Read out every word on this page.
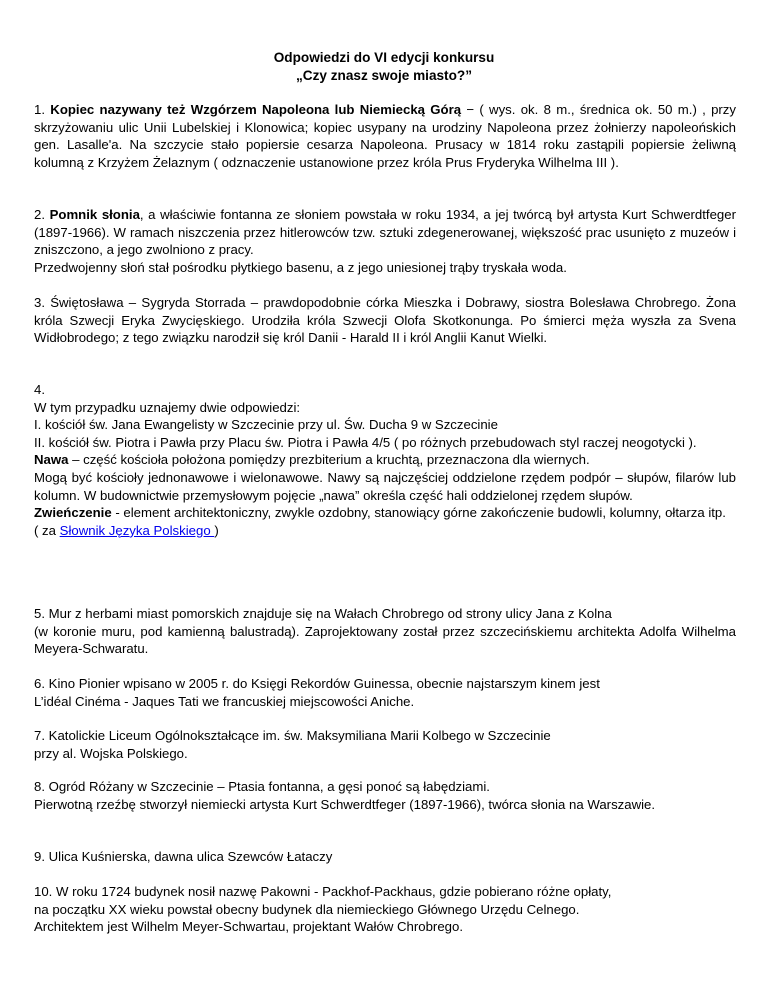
Odpowiedzi do VI edycji konkursu
„Czy znasz swoje miasto?”

1. Kopiec nazywany też Wzgórzem Napoleona lub Niemiecką Górą − ( wys. ok. 8 m., średnica ok. 50 m.) , przy skrzyżowaniu ulic Unii Lubelskiej i Klonowica; kopiec usypany na urodziny Napoleona przez żołnierzy napoleońskich gen. Lasalle'a. Na szczycie stało popiersie cesarza Napoleona. Prusacy w 1814 roku zastąpili popiersie żeliwną kolumną z Krzyżem Żelaznym ( odznaczenie ustanowione przez króla Prus Fryderyka Wilhelma III ).

2. Pomnik słonia, a właściwie fontanna ze słoniem powstała w roku 1934, a jej twórcą był artysta Kurt Schwerdtfeger (1897-1966). W ramach niszczenia przez hitlerowców tzw. sztuki zdegenerowanej, większość prac usunięto z muzeów i zniszczono, a jego zwolniono z pracy.

Przedwojenny słoń stał pośrodku płytkiego basenu, a z jego uniesionej trąby tryskała woda.

3. Świętosława – Sygryda Storrada – prawdopodobnie córka Mieszka i Dobrawy, siostra Bolesława Chrobrego. Żona króla Szwecji Eryka Zwycięskiego. Urodziła króla Szwecji Olofa Skotkonunga. Po śmierci męża wyszła za Svena Widłobrodego; z tego związku narodził się król Danii - Harald II i król Anglii Kanut Wielki.

4.
W tym przypadku uznajemy dwie odpowiedzi:
I. kościół św. Jana Ewangelisty w Szczecinie przy ul. Św. Ducha 9 w Szczecinie

II. kościół św. Piotra i Pawła przy Placu św. Piotra i Pawła 4/5 ( po różnych przebudowach styl raczej neogotycki ).

Nawa – część kościoła położona pomiędzy prezbiterium a kruchtą, przeznaczona dla wiernych.

Mogą być kościoły jednonawowe i wielonawowe. Nawy są najczęściej oddzielone rzędem podpór – słupów, filarów lub kolumn. W budownictwie przemysłowym pojęcie „nawa” określa część hali oddzielonej rzędem słupów.

Zwieńczenie - element architektoniczny, zwykle ozdobny, stanowiący górne zakończenie budowli, kolumny, ołtarza itp.

( za Słownik Języka Polskiego )
5. Mur z herbami miast pomorskich znajduje się na Wałach Chrobrego od strony ulicy Jana z Kolna

(w koronie muru, pod kamienną balustradą). Zaprojektowany został przez szczecińskiemu architekta Adolfa Wilhelma Meyera-Schwaratu.

6. Kino Pionier wpisano w 2005 r. do Księgi Rekordów Guinessa, obecnie najstarszym kinem jest
L’idéal Cinéma - Jaques Tati we francuskiej miejscowości Aniche.
7. Katolickie Liceum Ogólnokształcące im. św. Maksymiliana Marii Kolbego w Szczecinie
przy al. Wojska Polskiego.
8. Ogród Różany w Szczecinie – Ptasia fontanna, a gęsi ponoć są łabędziami.

Pierwotną rzeźbę stworzył niemiecki artysta Kurt Schwerdtfeger (1897-1966), twórca słonia na Warszawie.

9. Ulica Kuśnierska, dawna ulica Szewców Łataczy
10. W roku 1724 budynek nosił nazwę Pakowni - Packhof-Packhaus, gdzie pobierano różne opłaty,
na początku XX wieku powstał obecny budynek dla niemieckiego Głównego Urzędu Celnego.
Architektem jest Wilhelm Meyer-Schwartau, projektant Wałów Chrobrego.
